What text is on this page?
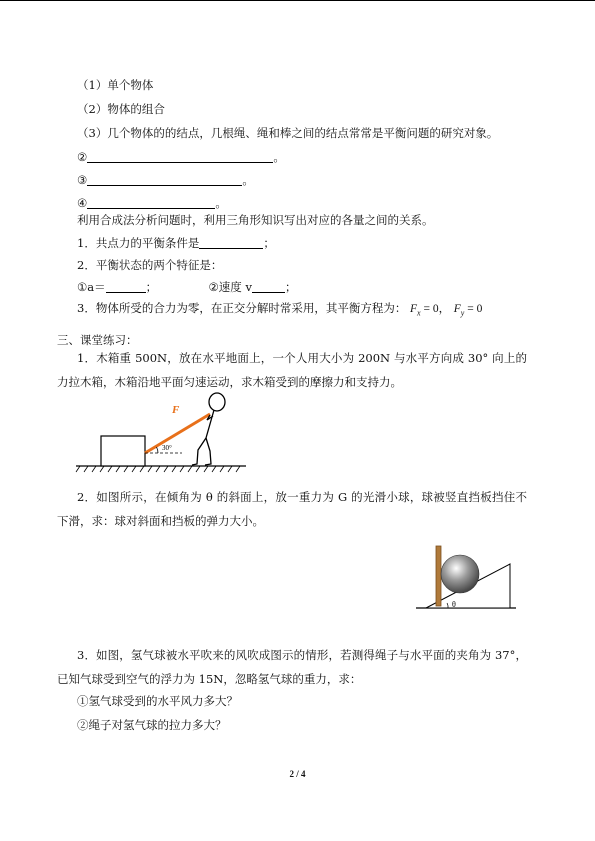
（1）单个物体
（2）物体的组合
（3）几个物体的的结点，几根绳、绳和棒之间的结点常常是平衡问题的研究对象。
②	。
③	。
④	。
利用合成法分析问题时，利用三角形知识写出对应的各量之间的关系。
1．共点力的平衡条件是	；
2．平衡状态的两个特征是：
①a＝	；	②速度 v	；
3．物体所受的合力为零，在正交分解时常采用，其平衡方程为： $F_x = 0$， $F_y = 0$
三、课堂练习：
1．木箱重 500N，放在水平地面上，一个人用大小为 200N 与水平方向成 30° 向上的力拉木箱，木箱沿地平面匀速运动，求木箱受到的摩擦力和支持力。
F
30°
2．如图所示，在倾角为 θ 的斜面上，放一重力为 G 的光滑小球，球被竖直挡板挡住不下滑，求：球对斜面和挡板的弹力大小。
θ
3．如图，氢气球被水平吹来的风吹成图示的情形，若测得绳子与水平面的夹角为 37°，已知气球受到空气的浮力为 15N，忽略氢气球的重力，求：
①氢气球受到的水平风力多大？
②绳子对氢气球的拉力多大？
2 / 4
